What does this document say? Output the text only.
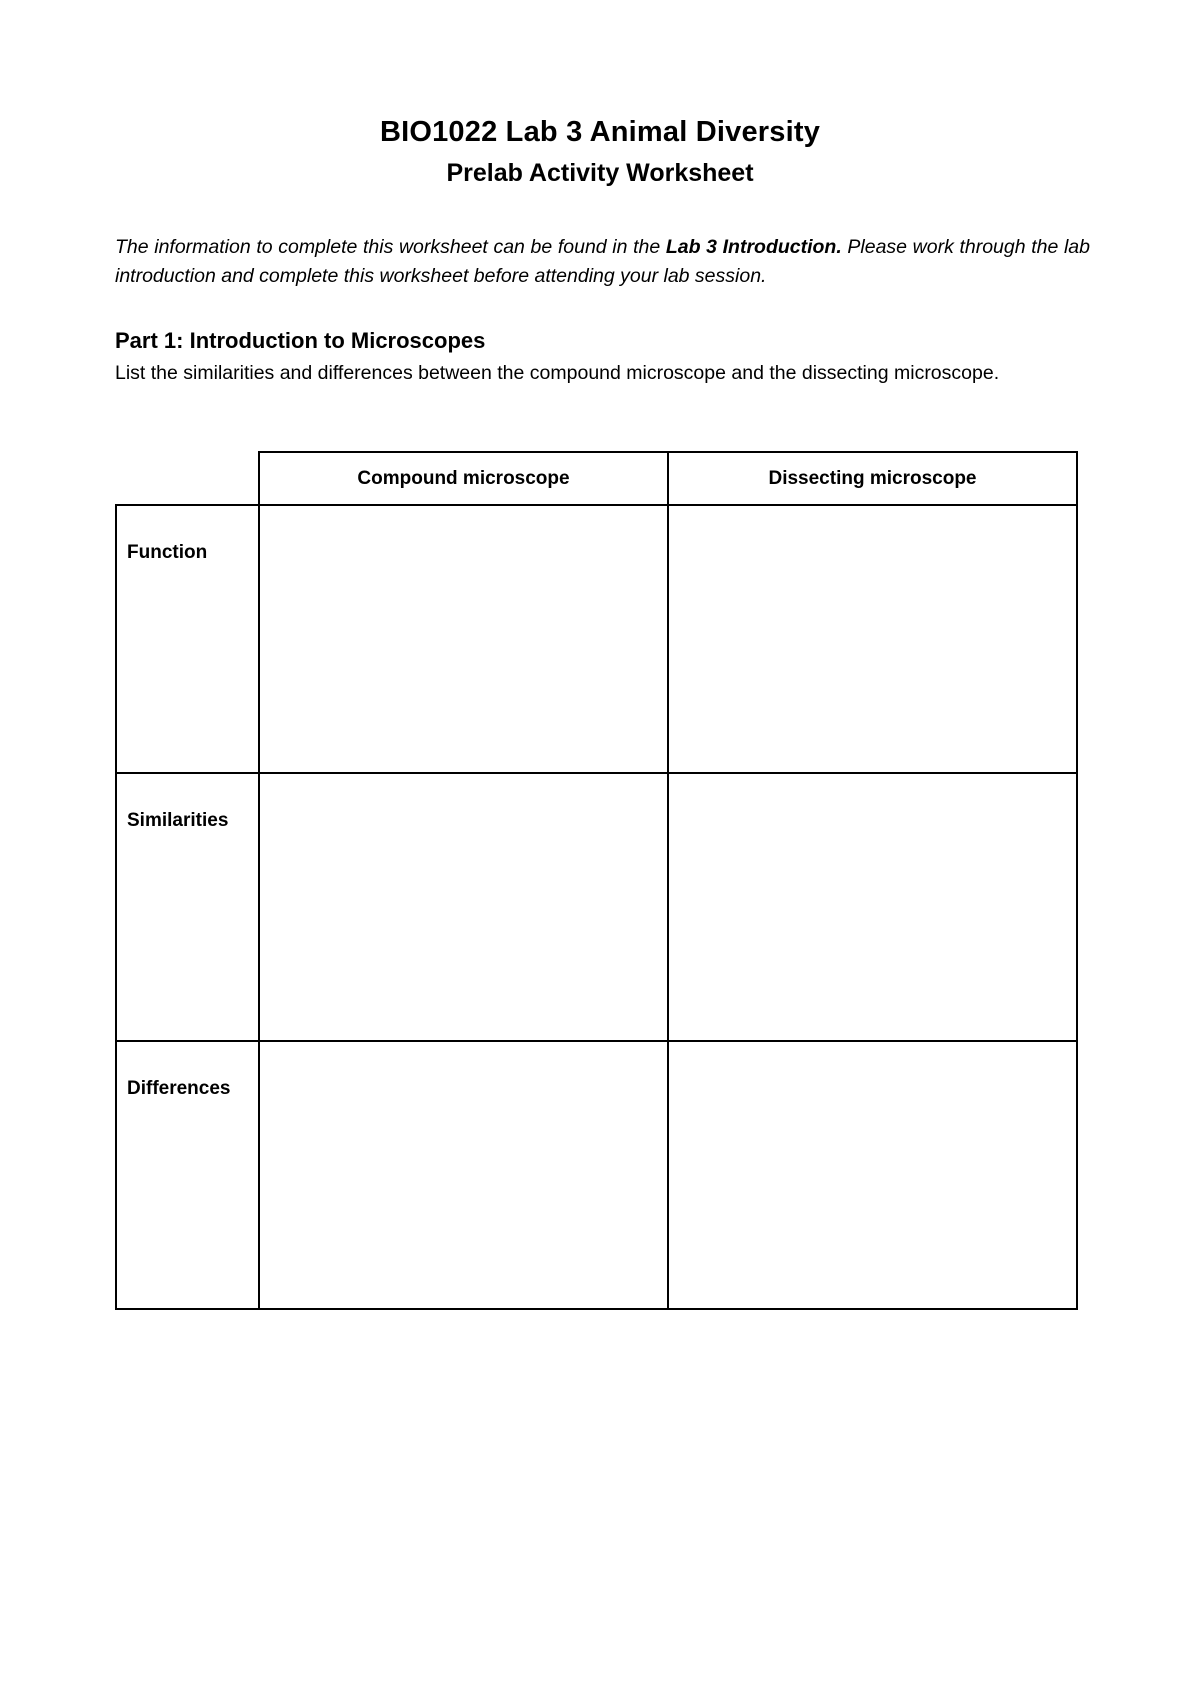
BIO1022 Lab 3 Animal Diversity
Prelab Activity Worksheet

The information to complete this worksheet can be found in the Lab 3 Introduction. Please work through the lab introduction and complete this worksheet before attending your lab session.

Part 1: Introduction to Microscopes

List the similarities and differences between the compound microscope and the dissecting microscope.

	Compound microscope	Dissecting microscope
Function		
Similarities		
Differences		
